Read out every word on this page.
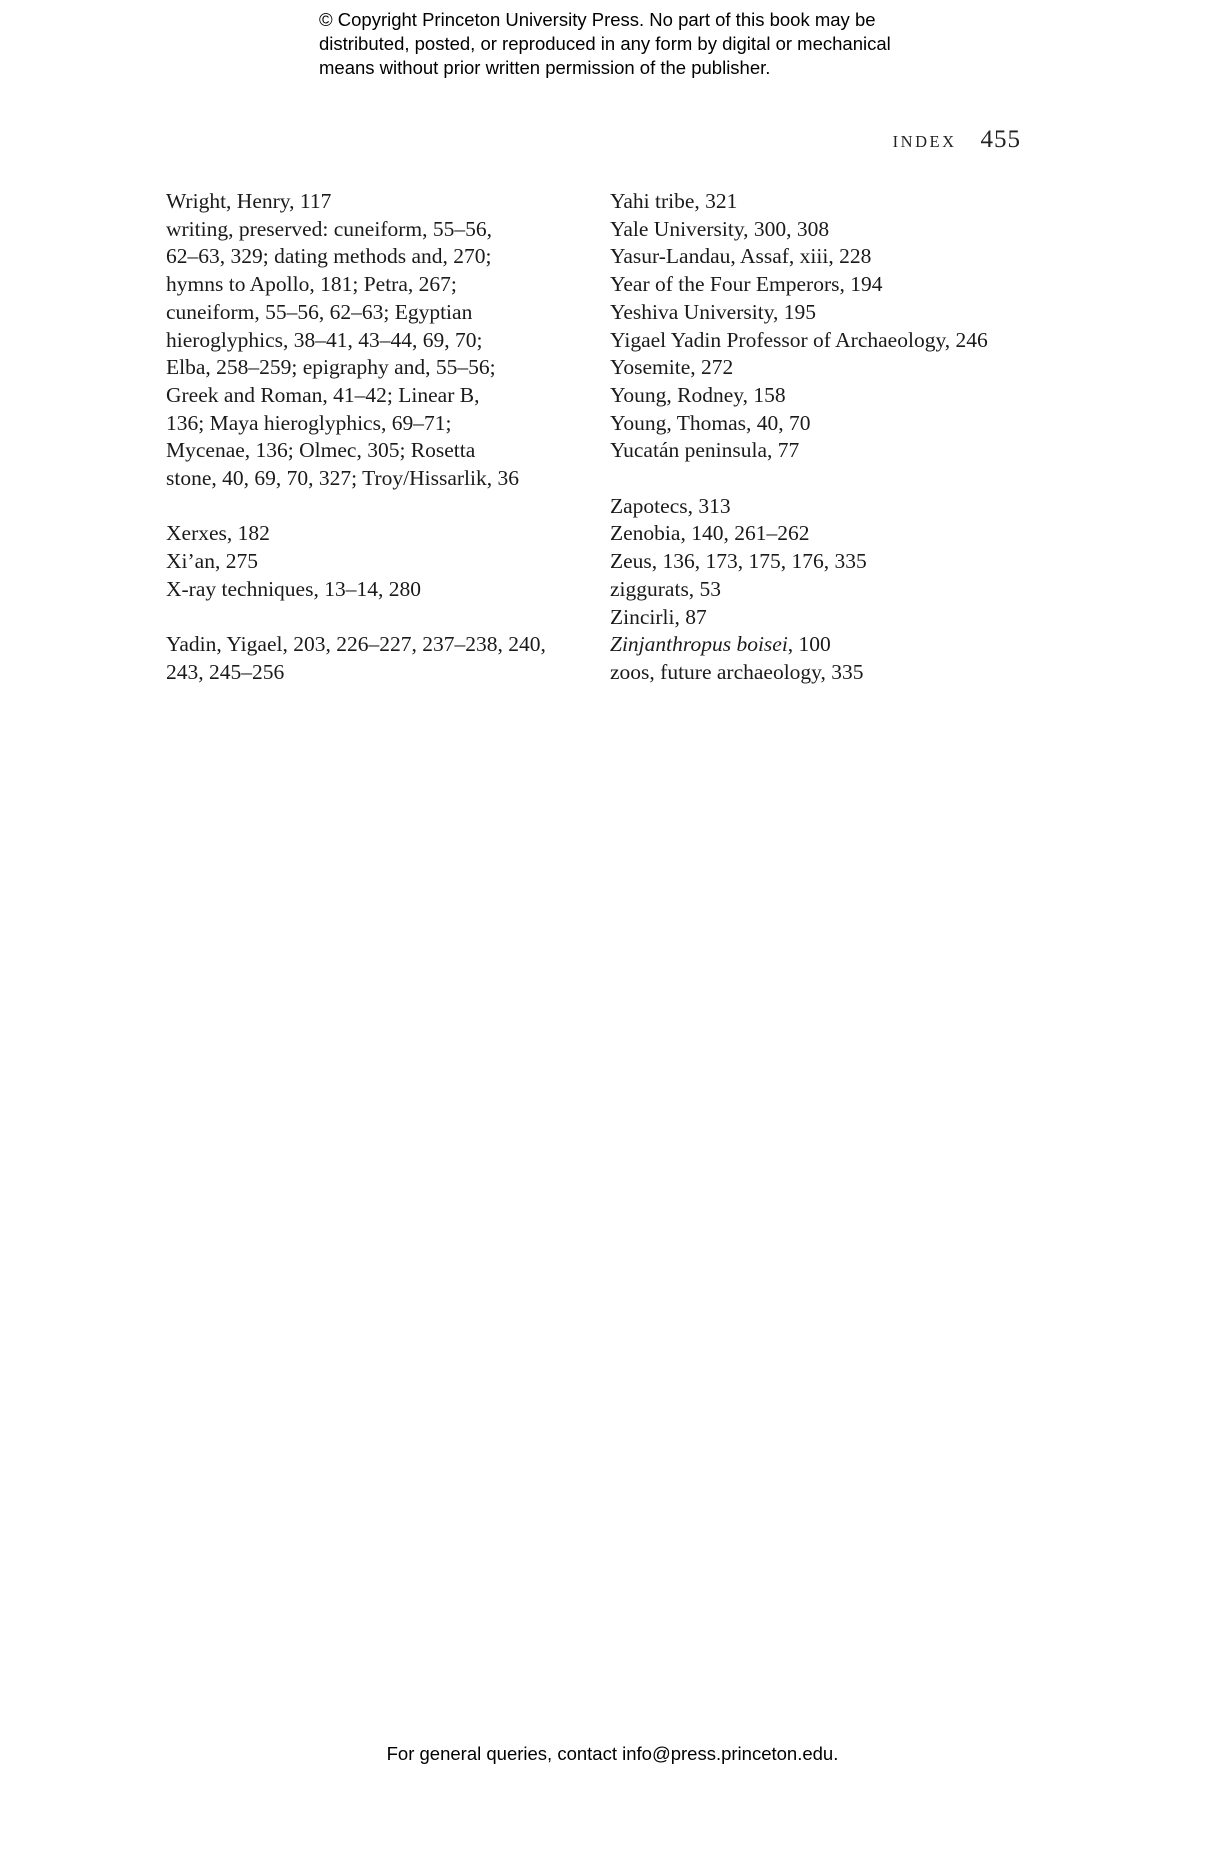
© Copyright Princeton University Press. No part of this book may be
distributed, posted, or reproduced in any form by digital or mechanical
means without prior written permission of the publisher.
INDEX 455
Wright, Henry, 117
writing, preserved: cuneiform, 55–56,
62–63, 329; dating methods and, 270;
hymns to Apollo, 181; Petra, 267;
cuneiform, 55–56, 62–63; Egyptian
hieroglyphics, 38–41, 43–44, 69, 70;
Elba, 258–259; epigraphy and, 55–56;
Greek and Roman, 41–42; Linear B,
136; Maya hieroglyphics, 69–71;
Mycenae, 136; Olmec, 305; Rosetta
stone, 40, 69, 70, 327; Troy/Hissarlik, 36
Xerxes, 182
Xi’an, 275
X-ray techniques, 13–14, 280
Yadin, Yigael, 203, 226–227, 237–238, 240,
243, 245–256
Yahi tribe, 321
Yale University, 300, 308
Yasur-Landau, Assaf, xiii, 228
Year of the Four Emperors, 194
Yeshiva University, 195
Yigael Yadin Professor of Archaeology, 246
Yosemite, 272
Young, Rodney, 158
Young, Thomas, 40, 70
Yucatán peninsula, 77
Zapotecs, 313
Zenobia, 140, 261–262
Zeus, 136, 173, 175, 176, 335
ziggurats, 53
Zincirli, 87
Zinjanthropus boisei, 100
zoos, future archaeology, 335
For general queries, contact info@press.princeton.edu.
